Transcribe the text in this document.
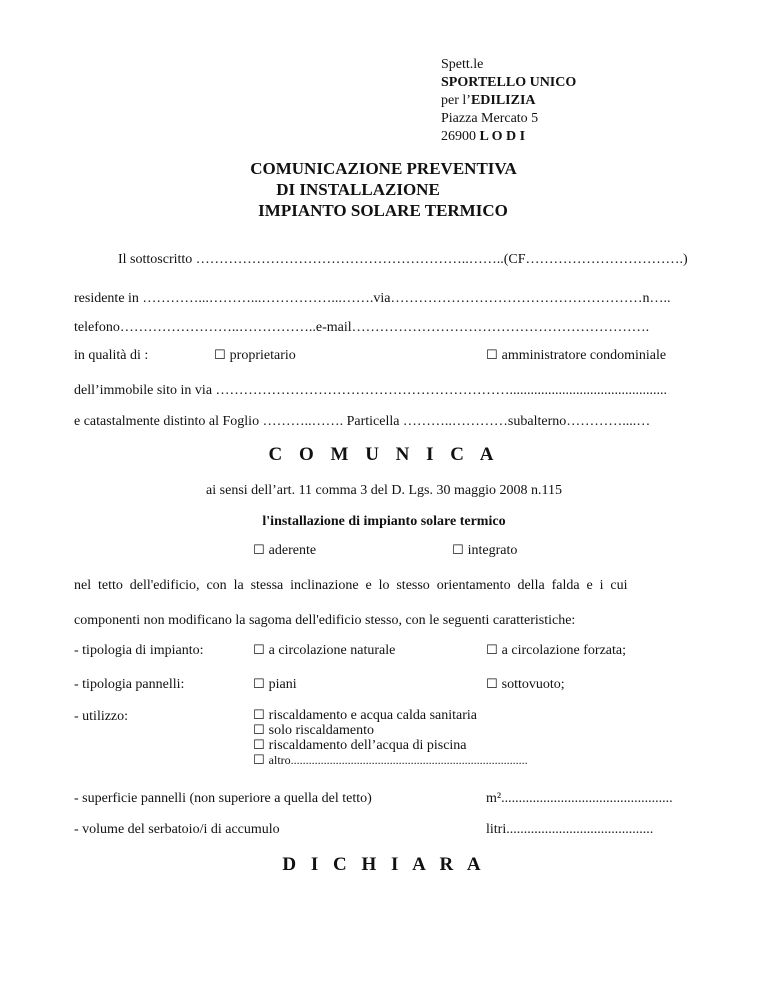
Spett.le
SPORTELLO UNICO
per l’EDILIZIA
Piazza Mercato 5
26900 L O D I
COMUNICAZIONE PREVENTIVA
DI INSTALLAZIONE
IMPIANTO SOLARE TERMICO
Il sottoscritto …………………………………………………..……..(CF…………………………….)
residente in …………...………...……………...…….via………………………………………………n…..
telefono……………………..……………..e-mail……………………………………………………….
in qualità di :	☐ proprietario	☐ amministratore condominiale
dell’immobile sito in via ……………………………………………………….............................................
e catastalmente distinto al Foglio ………..……. Particella ………..…………subalterno…………....…
C O M U N I C A
ai sensi dell’art. 11 comma 3 del D. Lgs. 30 maggio 2008 n.115
l'installazione di impianto solare termico
☐ aderente	☐ integrato
nel tetto dell'edificio, con la stessa inclinazione e lo stesso orientamento della falda e i cui
componenti non modificano la sagoma dell'edificio stesso, con le seguenti caratteristiche:
- tipologia di impianto:	☐ a circolazione naturale	☐ a circolazione forzata;
- tipologia pannelli:	☐ piani	☐ sottovuoto;
- utilizzo:	☐ riscaldamento e acqua calda sanitaria
☐ solo riscaldamento
☐ riscaldamento dell’acqua di piscina
☐ altro...............................................................................
- superficie pannelli (non superiore a quella del tetto)	m².................................................
- volume del serbatoio/i di accumulo	litri..........................................
D I C H I A R A
